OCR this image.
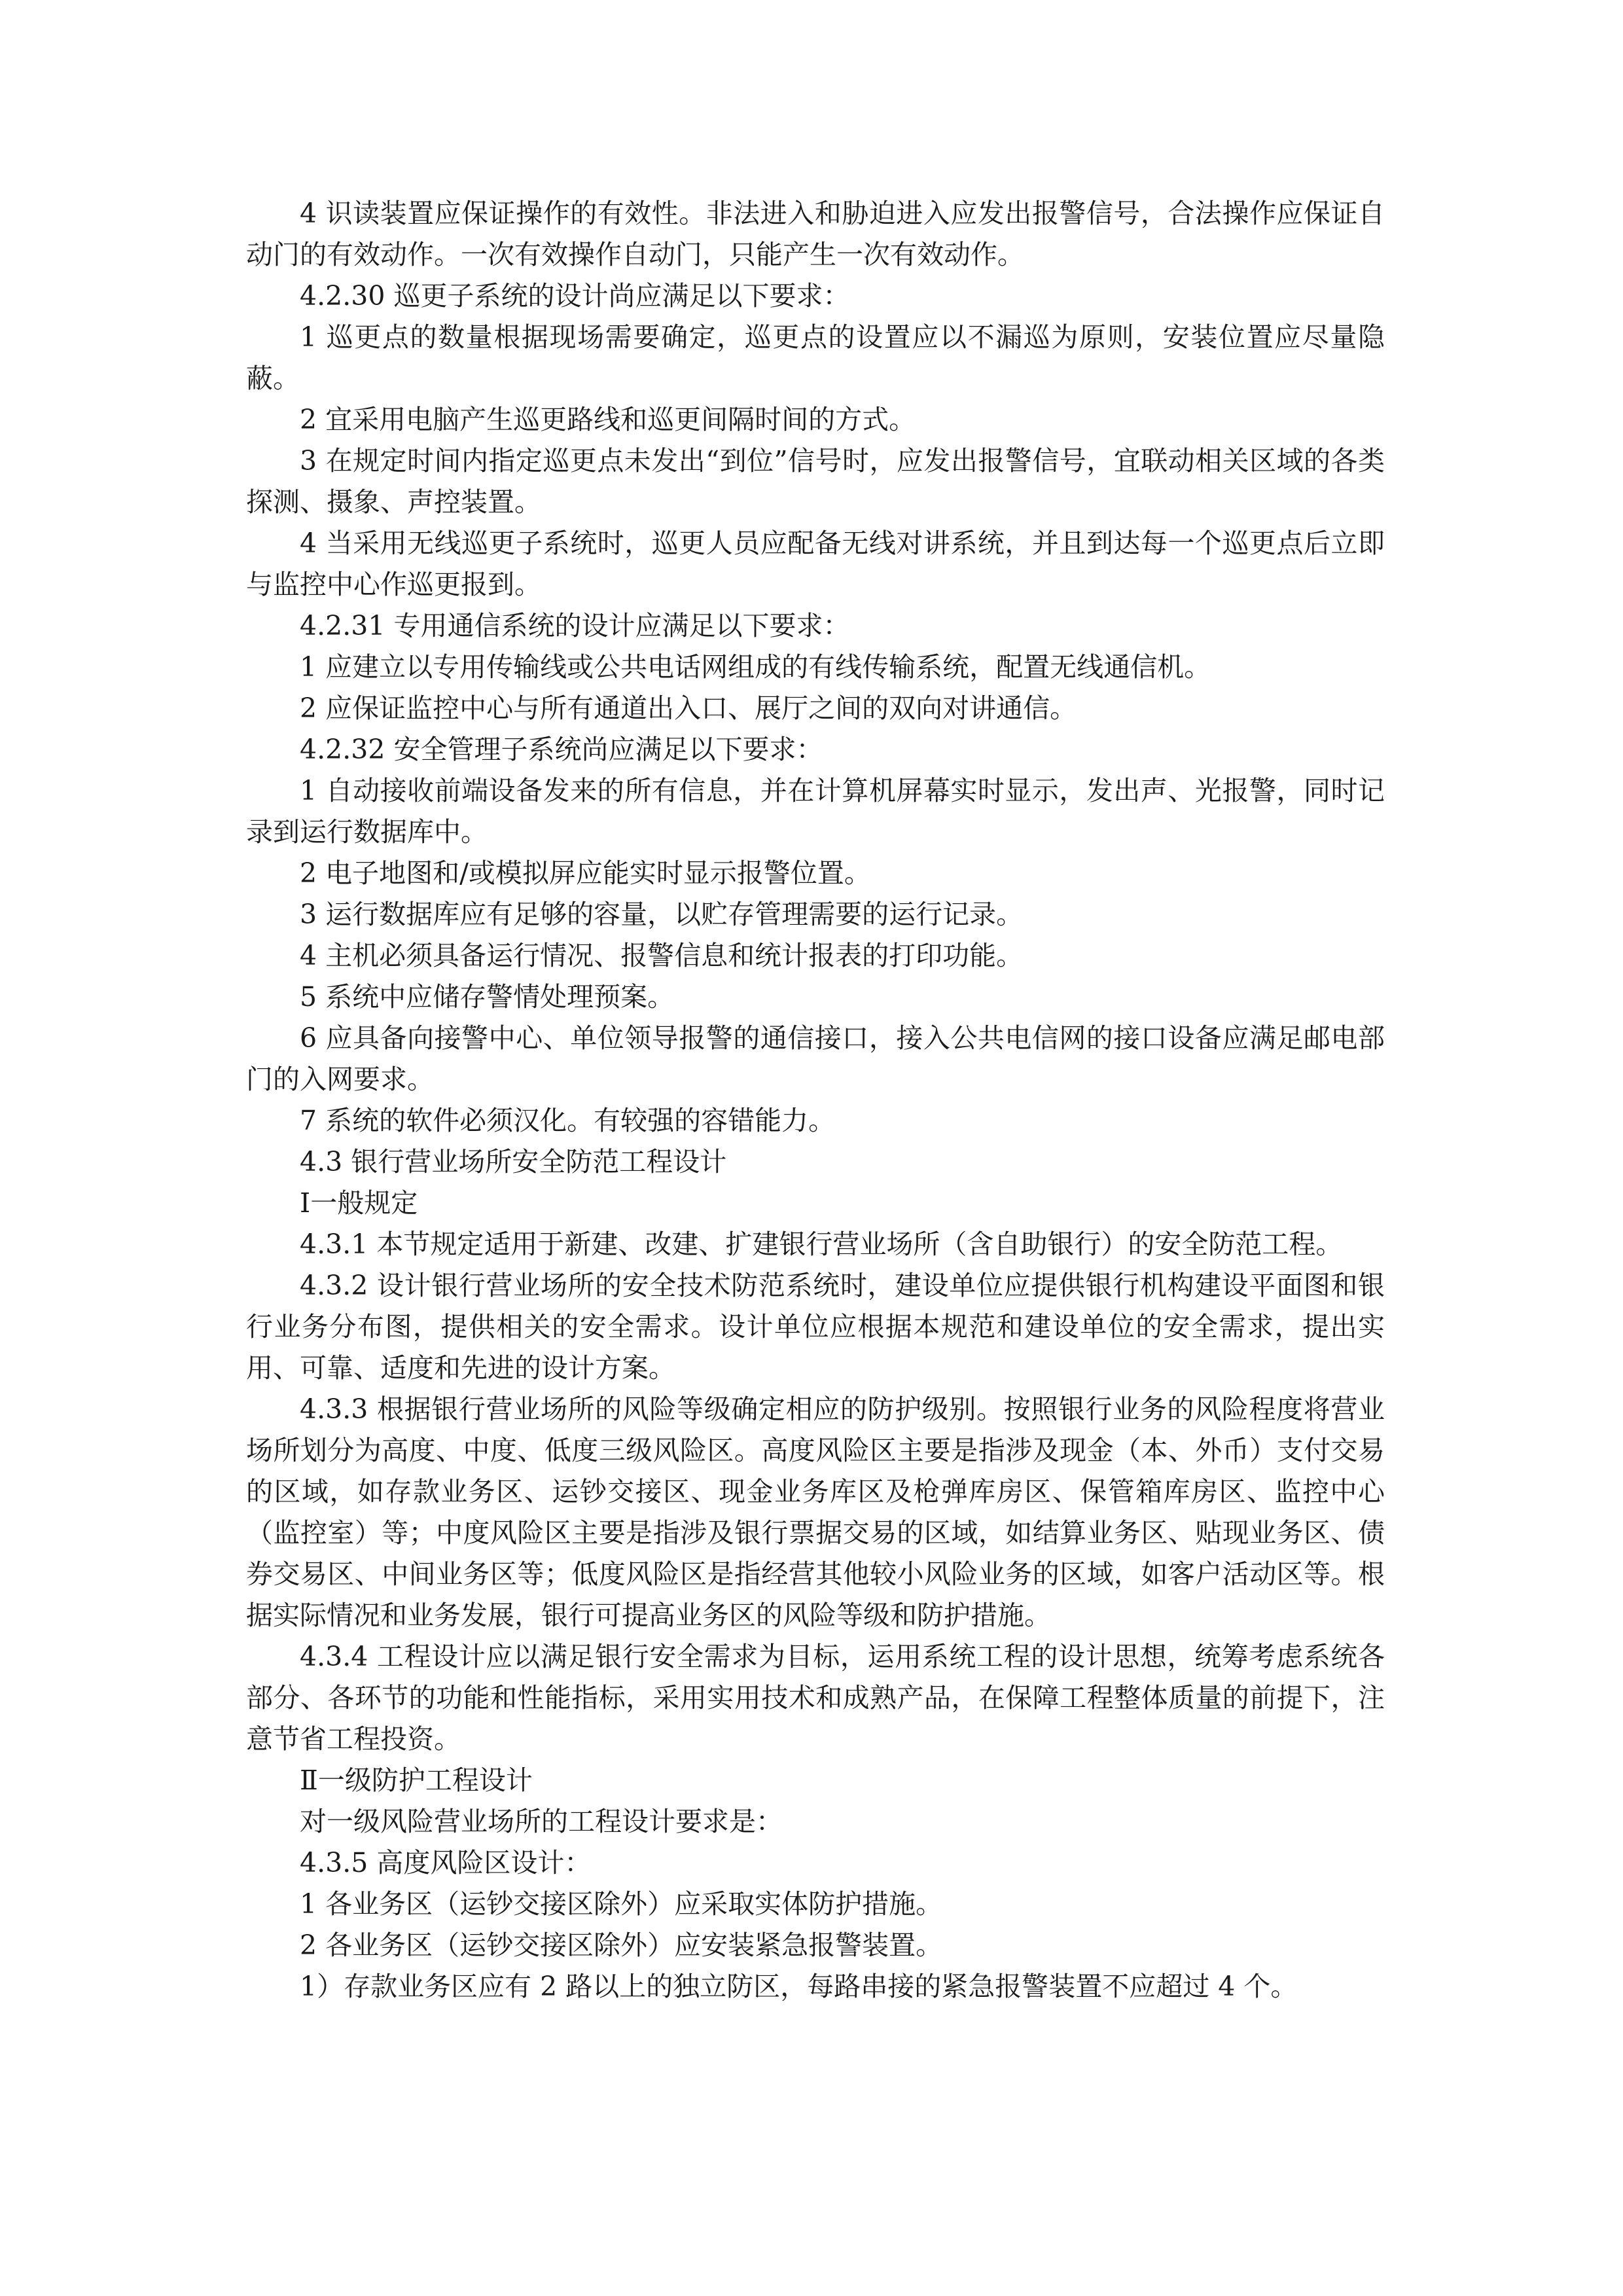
4 识读装置应保证操作的有效性。非法进入和胁迫进入应发出报警信号，合法操作应保证自动门的有效动作。一次有效操作自动门，只能产生一次有效动作。

4.2.30 巡更子系统的设计尚应满足以下要求：

1 巡更点的数量根据现场需要确定，巡更点的设置应以不漏巡为原则，安装位置应尽量隐蔽。

2 宜采用电脑产生巡更路线和巡更间隔时间的方式。

3 在规定时间内指定巡更点未发出“到位”信号时，应发出报警信号，宜联动相关区域的各类探测、摄象、声控装置。

4 当采用无线巡更子系统时，巡更人员应配备无线对讲系统，并且到达每一个巡更点后立即与监控中心作巡更报到。

4.2.31 专用通信系统的设计应满足以下要求：

1 应建立以专用传输线或公共电话网组成的有线传输系统，配置无线通信机。

2 应保证监控中心与所有通道出入口、展厅之间的双向对讲通信。

4.2.32 安全管理子系统尚应满足以下要求：

1 自动接收前端设备发来的所有信息，并在计算机屏幕实时显示，发出声、光报警，同时记录到运行数据库中。

2 电子地图和/或模拟屏应能实时显示报警位置。

3 运行数据库应有足够的容量，以贮存管理需要的运行记录。

4 主机必须具备运行情况、报警信息和统计报表的打印功能。

5 系统中应储存警情处理预案。

6 应具备向接警中心、单位领导报警的通信接口，接入公共电信网的接口设备应满足邮电部门的入网要求。

7 系统的软件必须汉化。有较强的容错能力。

4.3 银行营业场所安全防范工程设计

Ⅰ一般规定

4.3.1 本节规定适用于新建、改建、扩建银行营业场所（含自助银行）的安全防范工程。

4.3.2 设计银行营业场所的安全技术防范系统时，建设单位应提供银行机构建设平面图和银行业务分布图，提供相关的安全需求。设计单位应根据本规范和建设单位的安全需求，提出实用、可靠、适度和先进的设计方案。

4.3.3 根据银行营业场所的风险等级确定相应的防护级别。按照银行业务的风险程度将营业场所划分为高度、中度、低度三级风险区。高度风险区主要是指涉及现金（本、外币）支付交易的区域，如存款业务区、运钞交接区、现金业务库区及枪弹库房区、保管箱库房区、监控中心（监控室）等；中度风险区主要是指涉及银行票据交易的区域，如结算业务区、贴现业务区、债券交易区、中间业务区等；低度风险区是指经营其他较小风险业务的区域，如客户活动区等。根据实际情况和业务发展，银行可提高业务区的风险等级和防护措施。

4.3.4 工程设计应以满足银行安全需求为目标，运用系统工程的设计思想，统筹考虑系统各部分、各环节的功能和性能指标，采用实用技术和成熟产品，在保障工程整体质量的前提下，注意节省工程投资。

Ⅱ一级防护工程设计

对一级风险营业场所的工程设计要求是：

4.3.5 高度风险区设计：

1 各业务区（运钞交接区除外）应采取实体防护措施。

2 各业务区（运钞交接区除外）应安装紧急报警装置。

1）存款业务区应有 2 路以上的独立防区，每路串接的紧急报警装置不应超过 4 个。
